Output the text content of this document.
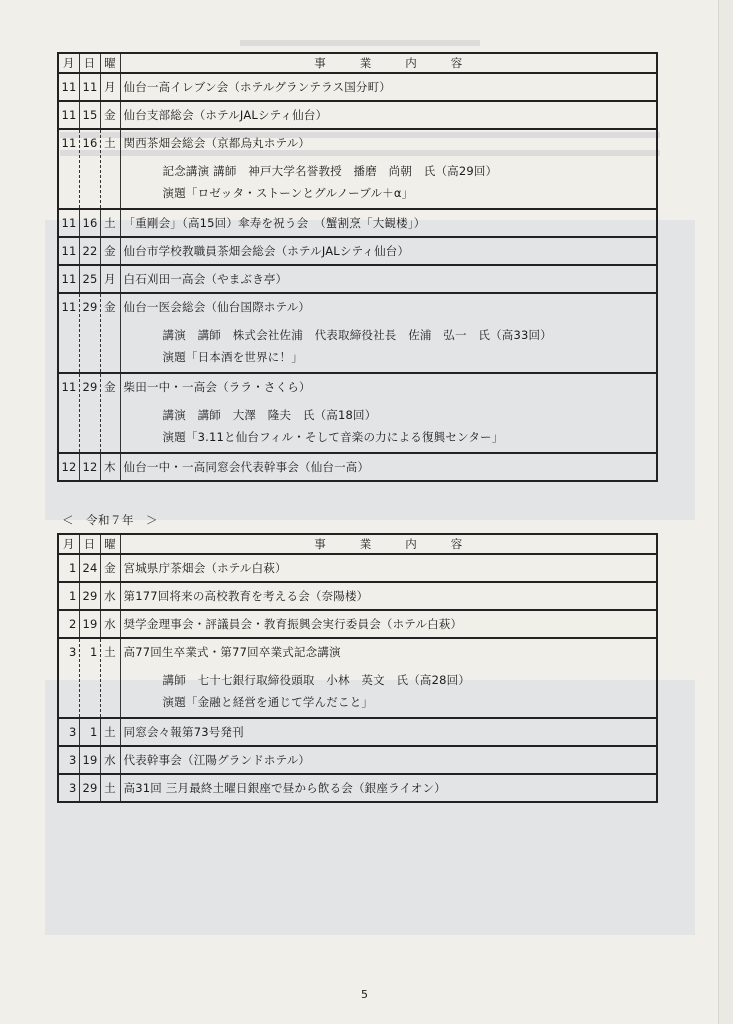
月	日	曜	事業内容
11	11	月	仙台一高イレブン会（ホテルグランテラス国分町）

11	15	金	仙台支部総会（ホテルJALシティ仙台）

11	16	土	関西茶畑会総会（京都烏丸ホテル）
記念講演 講師　神戸大学名誉教授　播磨　尚朝　氏（高29回）
演題「ロゼッタ・ストーンとグルノーブル＋α」

11	16	土	「重剛会」（高15回）傘寿を祝う会　（蟹割烹「大観楼」）

11	22	金	仙台市学校教職員茶畑会総会（ホテルJALシティ仙台）

11	25	月	白石刈田一高会（やまぶき亭）

11	29	金	仙台一医会総会（仙台国際ホテル）
講演　講師　株式会社佐浦　代表取締役社長　佐浦　弘一　氏（高33回）
演題「日本酒を世界に！」

11	29	金	柴田一中・一高会（ララ・さくら）
講演　講師　大澤　隆夫　氏（高18回）
演題「3.11と仙台フィル・そして音楽の力による復興センター」

12	12	木	仙台一中・一高同窓会代表幹事会（仙台一高）
＜　令和７年　＞
月	日	曜	事業内容
1	24	金	宮城県庁茶畑会（ホテル白萩）

1	29	水	第177回将来の高校教育を考える会（奈陽楼）

2	19	水	奨学金理事会・評議員会・教育振興会実行委員会（ホテル白萩）

3	1	土	高77回生卒業式・第77回卒業式記念講演
講師　七十七銀行取締役頭取　小林　英文　氏（高28回）
演題「金融と経営を通じて学んだこと」

3	1	土	同窓会々報第73号発刊

3	19	水	代表幹事会（江陽グランドホテル）

3	29	土	高31回 三月最終土曜日銀座で昼から飲る会（銀座ライオン）
5
